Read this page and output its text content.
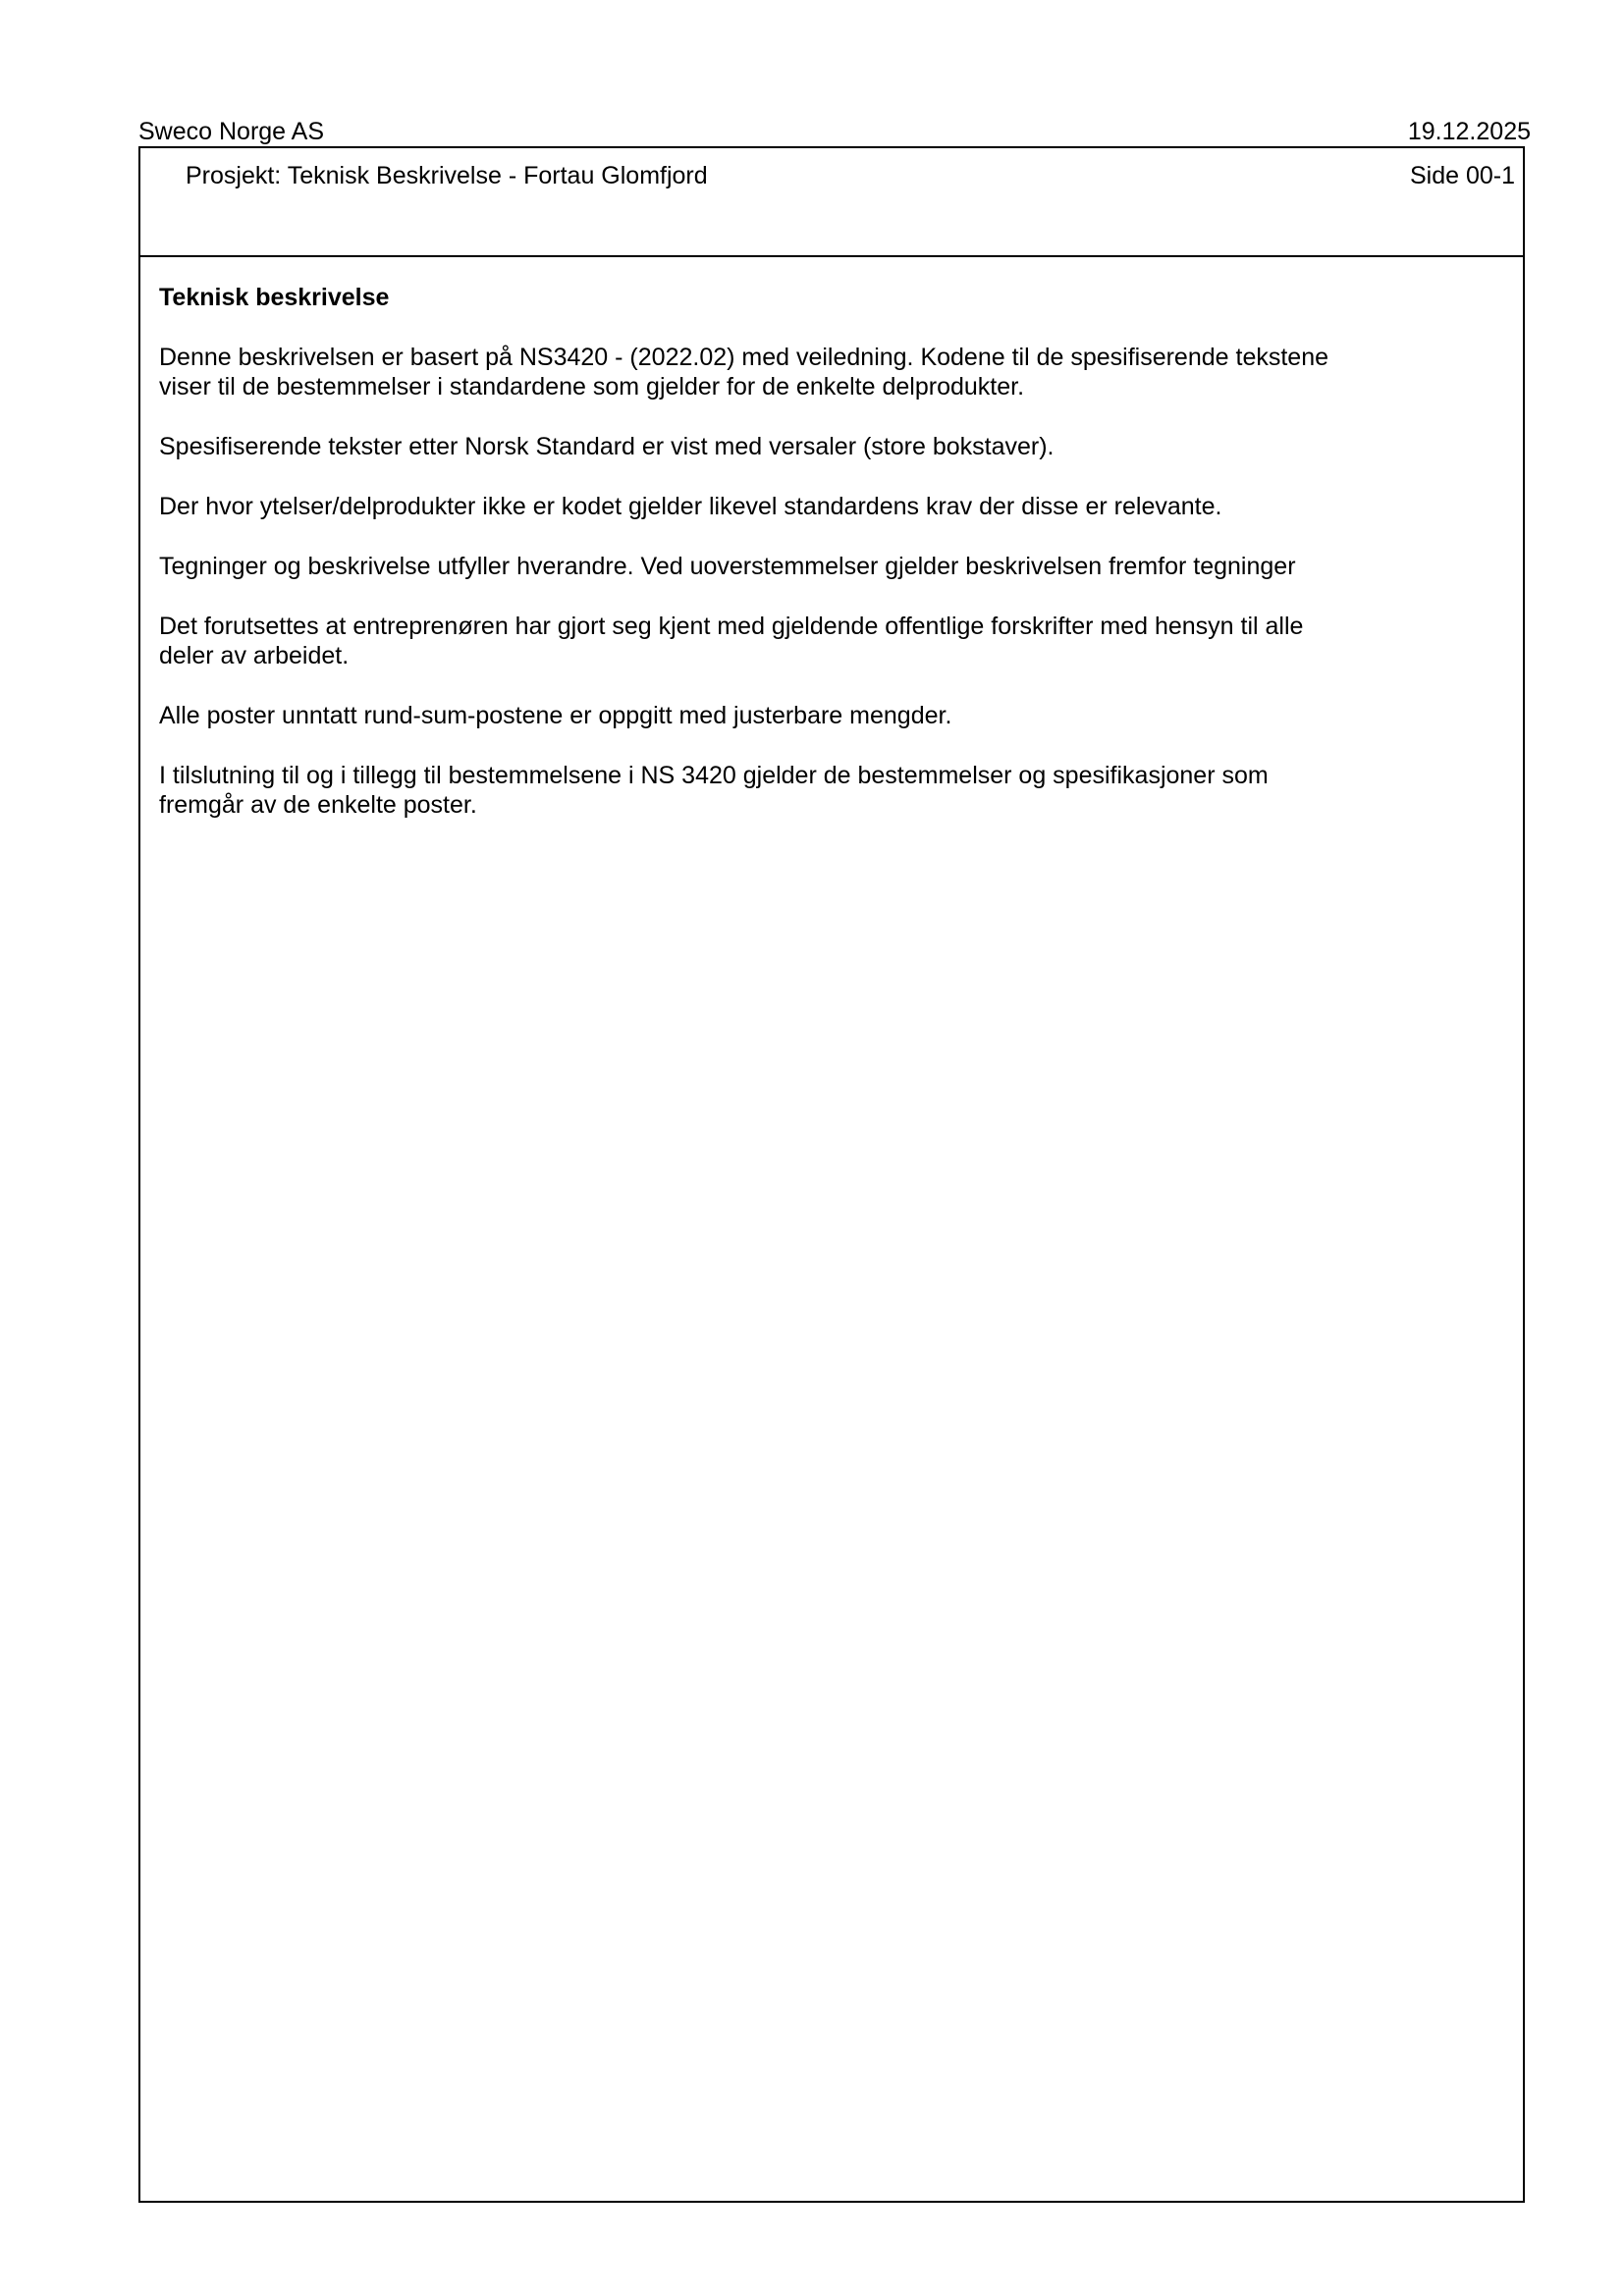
Sweco Norge AS	19.12.2025
Prosjekt: Teknisk Beskrivelse - Fortau Glomfjord	Side 00-1
Teknisk beskrivelse
Denne beskrivelsen er basert på NS3420 - (2022.02) med veiledning. Kodene til de spesifiserende tekstene
viser til de bestemmelser i standardene som gjelder for de enkelte delprodukter.
Spesifiserende tekster etter Norsk Standard er vist med versaler (store bokstaver).
Der hvor ytelser/delprodukter ikke er kodet gjelder likevel standardens krav der disse er relevante.
Tegninger og beskrivelse utfyller hverandre. Ved uoverstemmelser gjelder beskrivelsen fremfor tegninger
Det forutsettes at entreprenøren har gjort seg kjent med gjeldende offentlige forskrifter med hensyn til alle
deler av arbeidet.
Alle poster unntatt rund-sum-postene er oppgitt med justerbare mengder.
I tilslutning til og i tillegg til bestemmelsene i NS 3420 gjelder de bestemmelser og spesifikasjoner som
fremgår av de enkelte poster.
